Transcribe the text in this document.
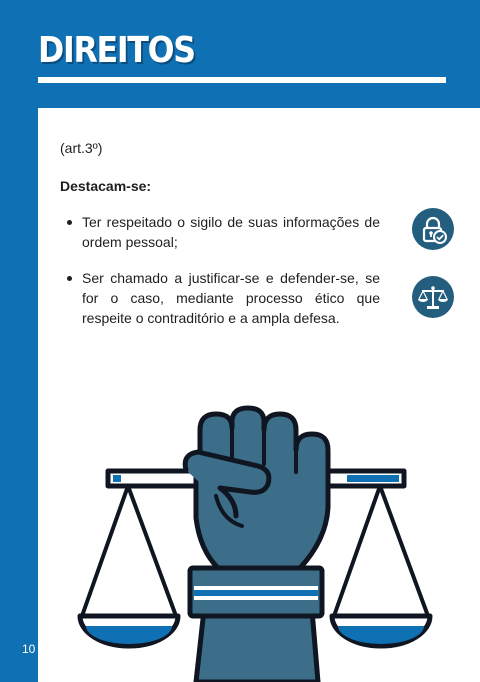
DIREITOS

(art.3º)

Destacam-se:

Ter respeitado o sigilo de suas informações de ordem pessoal;
Ser chamado a justificar-se e defender-se, se for o caso, mediante processo ético que respeite o contraditório e a ampla defesa.

10
